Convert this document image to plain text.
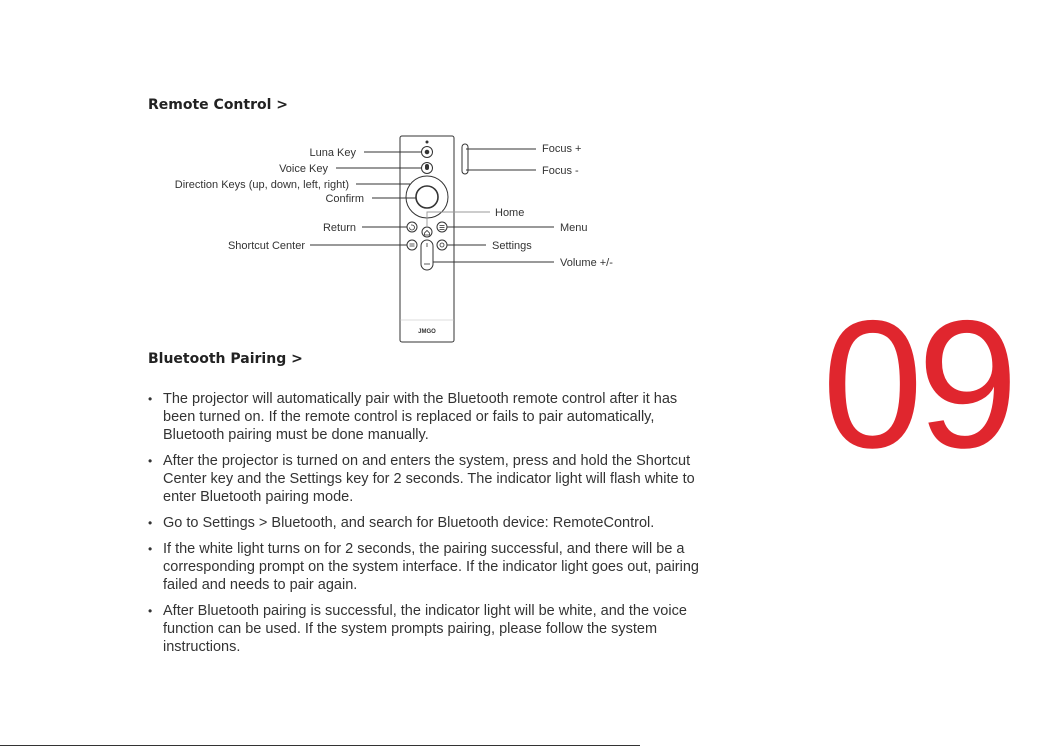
Remote Control >
JMGO
Luna Key
Voice Key
Direction Keys (up, down, left, right)
Confirm
Return
Shortcut Center
Focus +
Focus -
Home
Menu
Settings
Volume +/-
Bluetooth Pairing >
• The projector will automatically pair with the Bluetooth remote control after it has been turned on. If the remote control is replaced or fails to pair automatically, Bluetooth pairing must be done manually.
• After the projector is turned on and enters the system, press and hold the Shortcut Center key and the Settings key for 2 seconds. The indicator light will flash white to enter Bluetooth pairing mode.
• Go to Settings > Bluetooth, and search for Bluetooth device: RemoteControl.
• If the white light turns on for 2 seconds, the pairing successful, and there will be a corresponding prompt on the system interface. If the indicator light goes out, pairing failed and needs to pair again.
• After Bluetooth pairing is successful, the indicator light will be white, and the voice function can be used. If the system prompts pairing, please follow the system instructions.
09
